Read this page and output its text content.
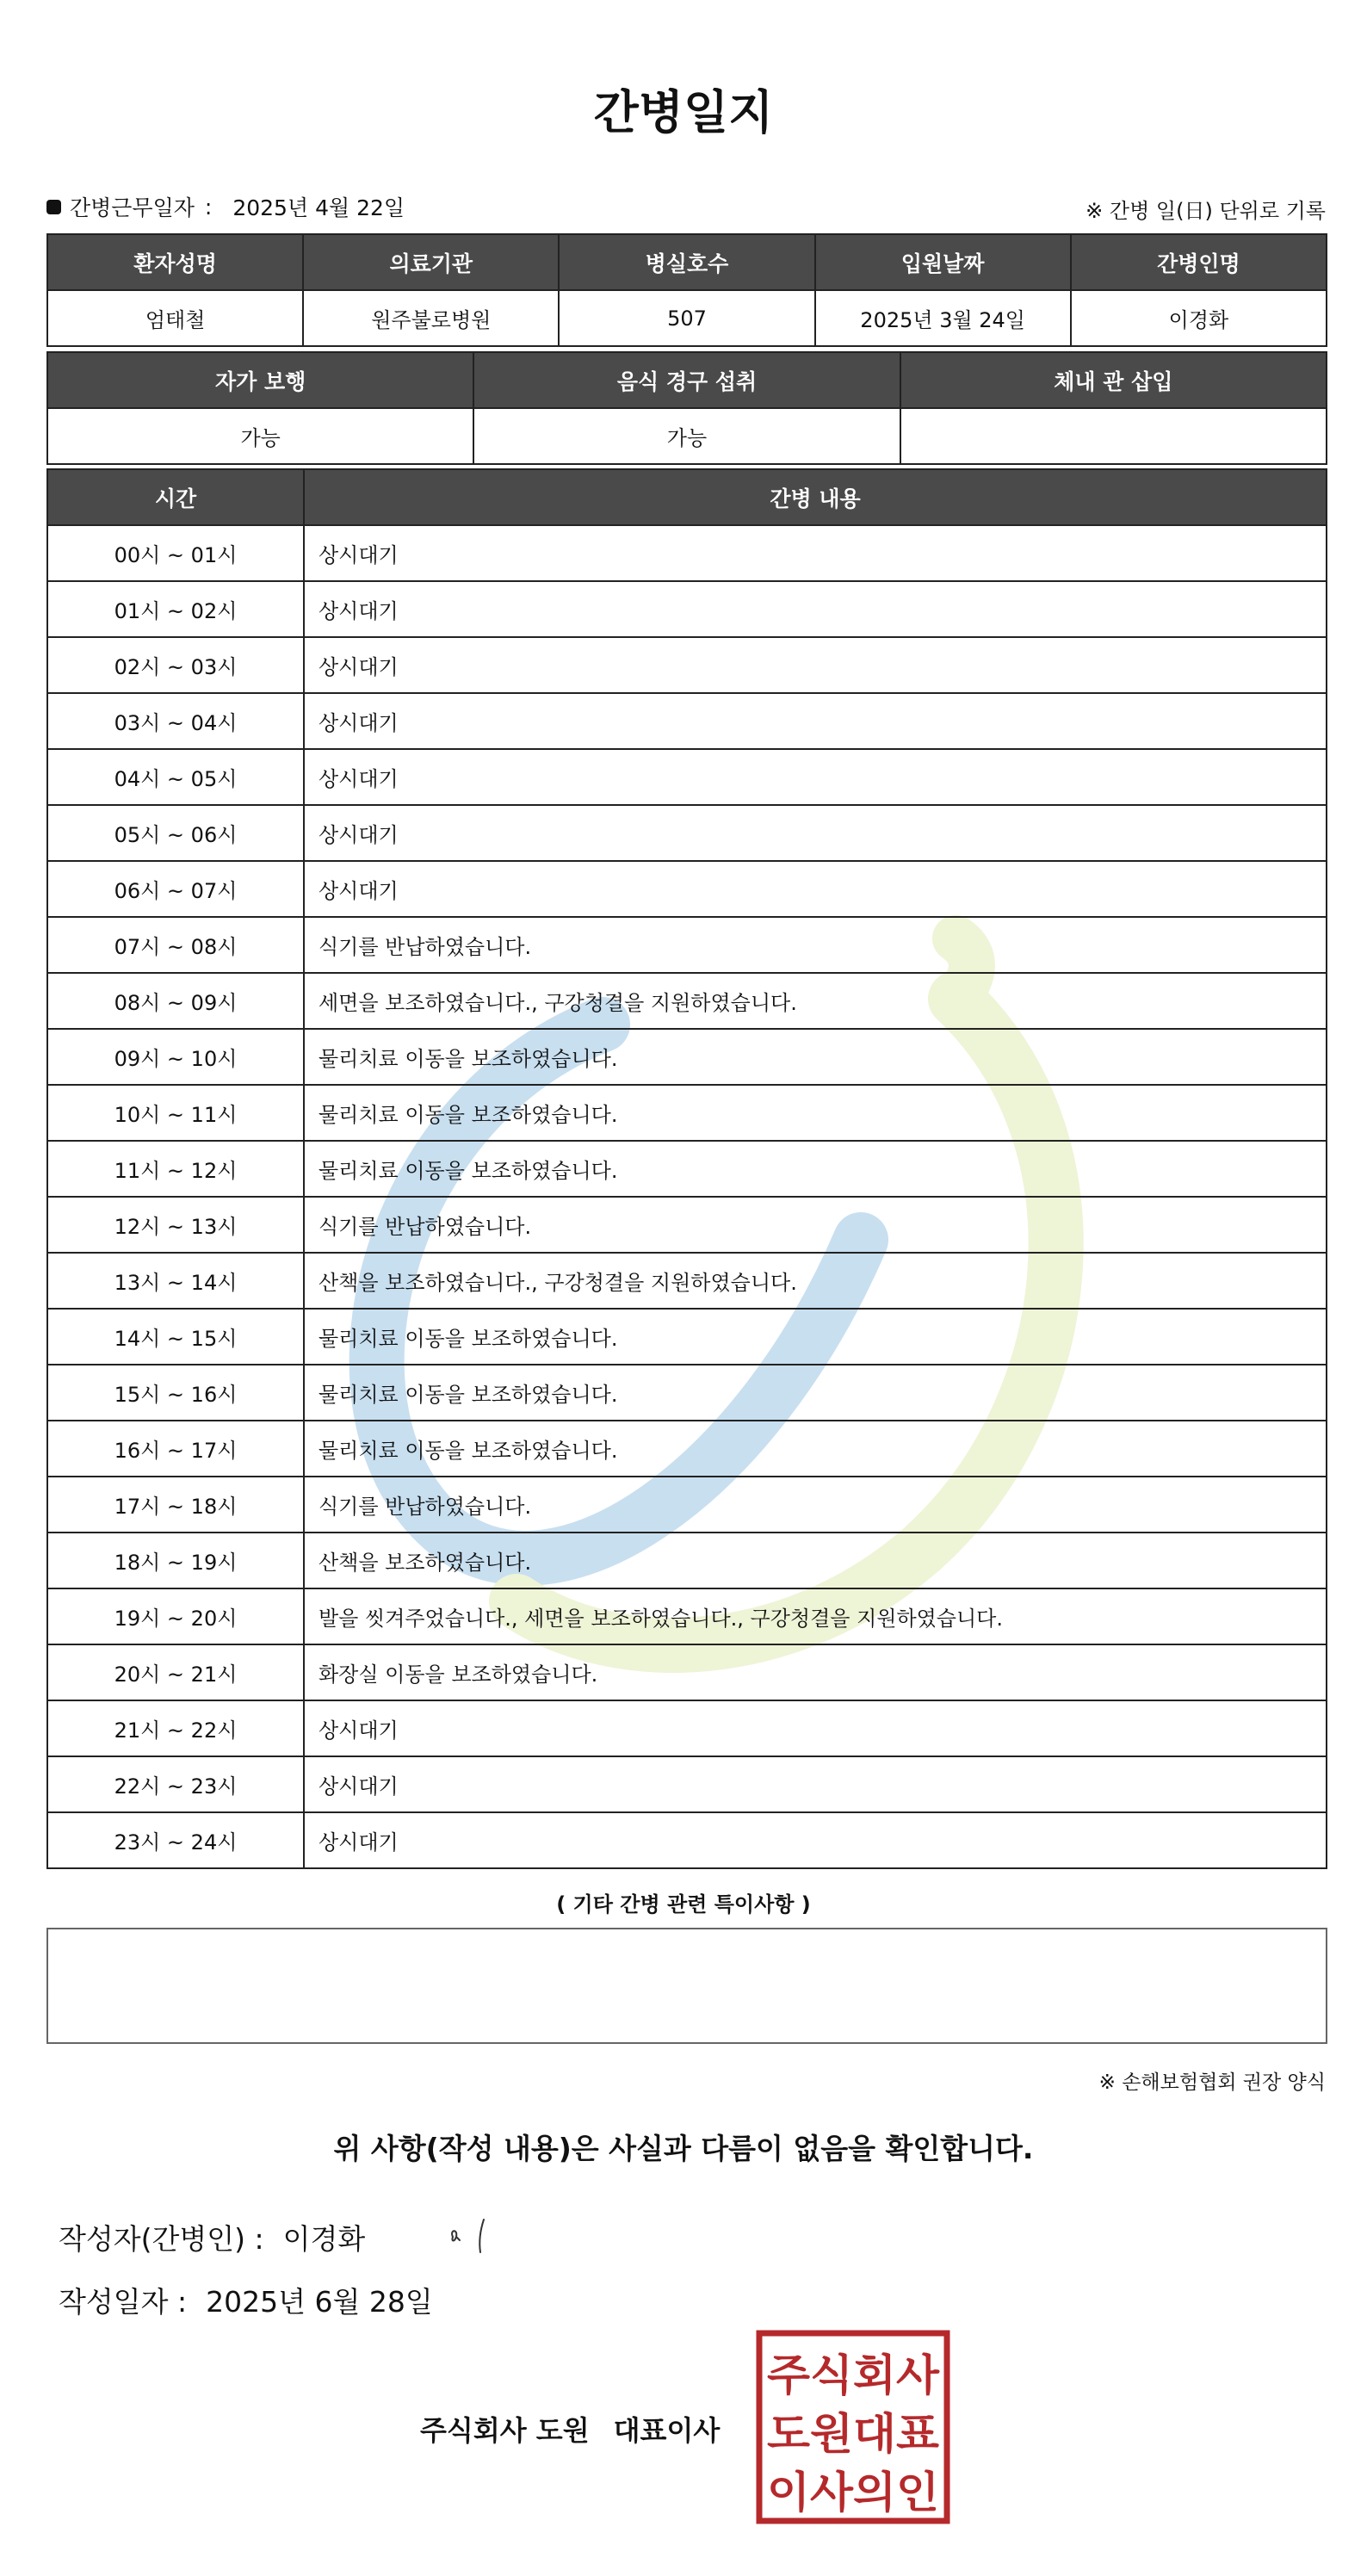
간병일지
간병근무일자 : 2025년 4월 22일	※ 간병 일(日) 단위로 기록
환자성명	의료기관	병실호수	입원날짜	간병인명
엄태철	원주불로병원	507	2025년 3월 24일	이경화
자가 보행	음식 경구 섭취	체내 관 삽입
가능	가능	
시간	간병 내용
00시 ~ 01시	상시대기
01시 ~ 02시	상시대기
02시 ~ 03시	상시대기
03시 ~ 04시	상시대기
04시 ~ 05시	상시대기
05시 ~ 06시	상시대기
06시 ~ 07시	상시대기
07시 ~ 08시	식기를 반납하였습니다.
08시 ~ 09시	세면을 보조하였습니다., 구강청결을 지원하였습니다.
09시 ~ 10시	물리치료 이동을 보조하였습니다.
10시 ~ 11시	물리치료 이동을 보조하였습니다.
11시 ~ 12시	물리치료 이동을 보조하였습니다.
12시 ~ 13시	식기를 반납하였습니다.
13시 ~ 14시	산책을 보조하였습니다., 구강청결을 지원하였습니다.
14시 ~ 15시	물리치료 이동을 보조하였습니다.
15시 ~ 16시	물리치료 이동을 보조하였습니다.
16시 ~ 17시	물리치료 이동을 보조하였습니다.
17시 ~ 18시	식기를 반납하였습니다.
18시 ~ 19시	산책을 보조하였습니다.
19시 ~ 20시	발을 씻겨주었습니다., 세면을 보조하였습니다., 구강청결을 지원하였습니다.
20시 ~ 21시	화장실 이동을 보조하였습니다.
21시 ~ 22시	상시대기
22시 ~ 23시	상시대기
23시 ~ 24시	상시대기
( 기타 간병 관련 특이사항 )
※ 손해보험협회 권장 양식
위 사항(작성 내용)은 사실과 다름이 없음을 확인합니다.
작성자(간병인) : 이경화
작성일자 : 2025년 6월 28일
주식회사 도원 대표이사
주식회사
도원대표
이사의인
